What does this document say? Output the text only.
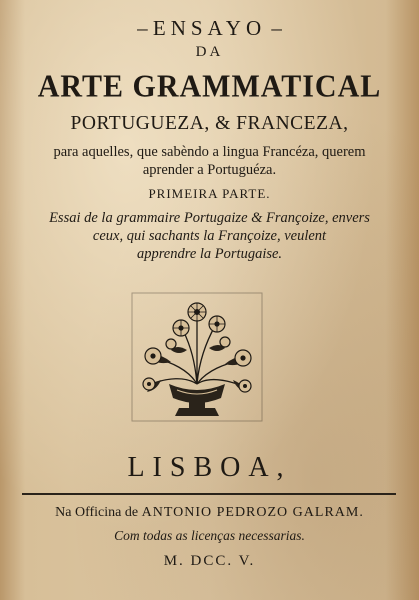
– ENSAYO –
DA
ARTE GRAMMATICAL
PORTUGUEZA, & FRANCEZA,
para aquelles, que sabèndo a lingua Francéza, querem
aprender a Portuguéza.
PRIMEIRA PARTE.
Essai de la grammaire Portugaize & Françoize, envers
ceux, qui sachants la Françoize, veulent
apprendre la Portugaise.
LISBOA,
Na Officina de ANTONIO PEDROZO GALRAM.
Com todas as licenças necessarias.
M. DCC. V.
